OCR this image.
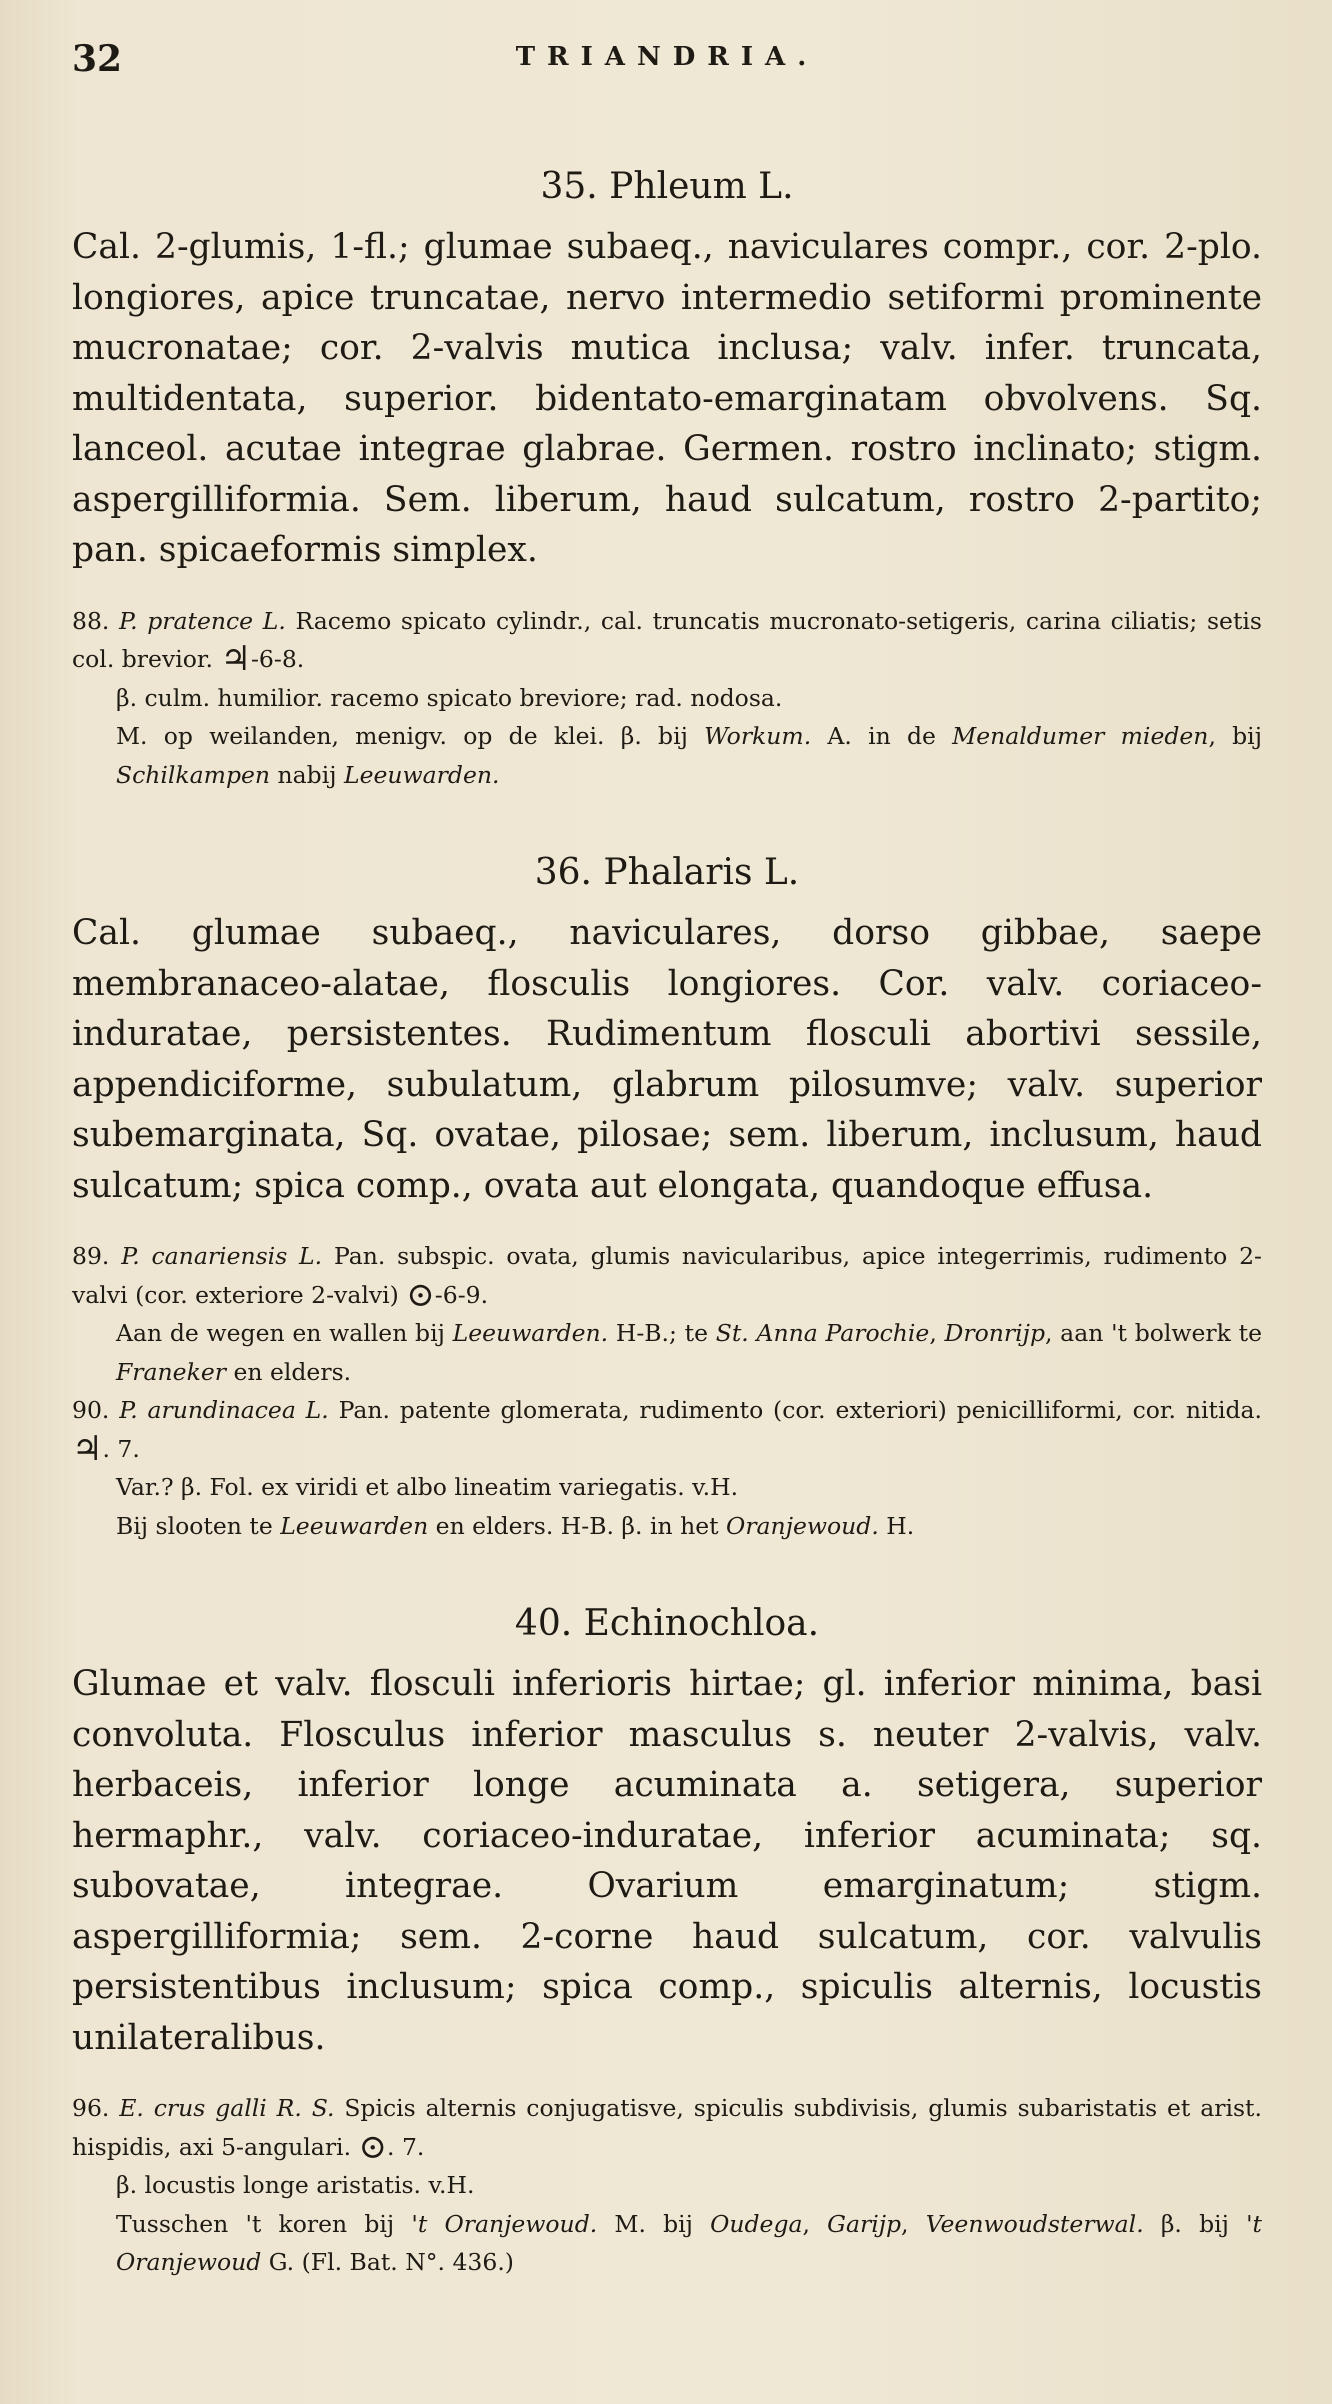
32	TRIANDRIA.
35. Phleum L.

Cal. 2-glumis, 1-fl.; glumae subaeq., naviculares compr., cor. 2-plo. longiores, apice truncatae, nervo intermedio setiformi prominente mucronatae; cor. 2-valvis mutica inclusa; valv. infer. truncata, multidentata, superior. bidentato-emarginatam obvolvens. Sq. lanceol. acutae integrae glabrae. Germen. rostro inclinato; stigm. aspergilliformia. Sem. liberum, haud sulcatum, rostro 2-partito; pan. spicaeformis simplex.

88. P. pratence L. Racemo spicato cylindr., cal. truncatis mucronato-setigeris, carina ciliatis; setis col. brevior. ♃-6-8.

β. culm. humilior. racemo spicato breviore; rad. nodosa.

M. op weilanden, menigv. op de klei. β. bij Workum. A. in de Menaldumer mieden, bij Schilkampen nabij Leeuwarden.

36. Phalaris L.

Cal. glumae subaeq., naviculares, dorso gibbae, saepe membranaceo-alatae, flosculis longiores. Cor. valv. coriaceo-induratae, persistentes. Rudimentum flosculi abortivi sessile, appendiciforme, subulatum, glabrum pilosumve; valv. superior subemarginata, Sq. ovatae, pilosae; sem. liberum, inclusum, haud sulcatum; spica comp., ovata aut elongata, quandoque effusa.

89. P. canariensis L. Pan. subspic. ovata, glumis navicularibus, apice integerrimis, rudimento 2-valvi (cor. exteriore 2-valvi) ⊙-6-9.

Aan de wegen en wallen bij Leeuwarden. H-B.; te St. Anna Parochie, Dronrijp, aan 't bolwerk te Franeker en elders.

90. P. arundinacea L. Pan. patente glomerata, rudimento (cor. exteriori) penicilliformi, cor. nitida. ♃. 7.

Var.? β. Fol. ex viridi et albo lineatim variegatis. v.H.

Bij slooten te Leeuwarden en elders. H-B. β. in het Oranjewoud. H.

40. Echinochloa.

Glumae et valv. flosculi inferioris hirtae; gl. inferior minima, basi convoluta. Flosculus inferior masculus s. neuter 2-valvis, valv. herbaceis, inferior longe acuminata a. setigera, superior hermaphr., valv. coriaceo-induratae, inferior acuminata; sq. subovatae, integrae. Ovarium emarginatum; stigm. aspergilliformia; sem. 2-corne haud sulcatum, cor. valvulis persistentibus inclusum; spica comp., spiculis alternis, locustis unilateralibus.

96. E. crus galli R. S. Spicis alternis conjugatisve, spiculis subdivisis, glumis subaristatis et arist. hispidis, axi 5-angulari. ⊙. 7.

β. locustis longe aristatis. v.H.

Tusschen 't koren bij 't Oranjewoud. M. bij Oudega, Garijp, Veenwoudsterwal. β. bij 't Oranjewoud G. (Fl. Bat. N°. 436.)
